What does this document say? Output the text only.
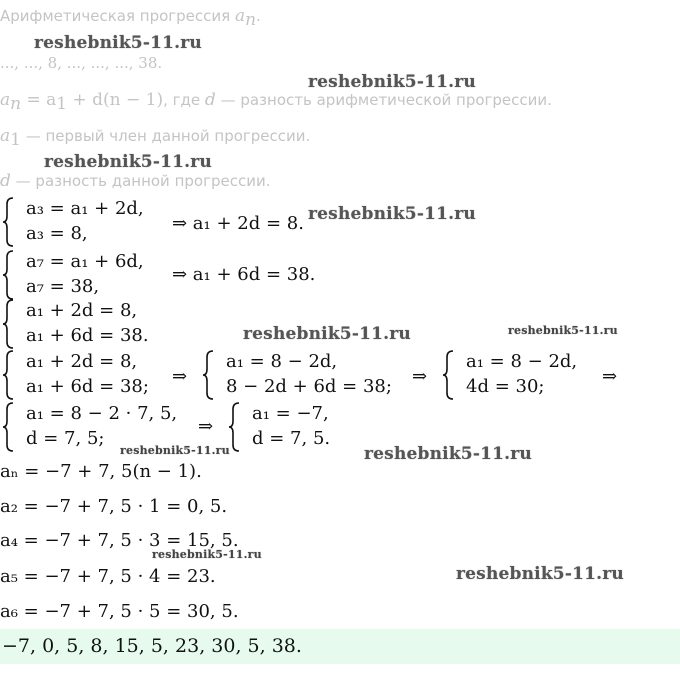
Арифметическая прогрессия $a_n$.
..., ..., 8, ..., ..., ..., 38.
$a_n = a_1 + d(n - 1)$, где d — разность арифметической прогрессии.
$a_1$ — первый член данной прогрессии.
d — разность данной прогрессии.
a₃ = a₁ + 2d,
a₃ = 8,	⇒ a₁ + 2d = 8.
a₇ = a₁ + 6d,
a₇ = 38,
⇒ a₁ + 6d = 38.
a₁ + 2d = 8,
a₁ + 6d = 38.
a₁ + 2d = 8,
a₁ + 6d = 38; ⇒
a₁ = 8 − 2d,
8 − 2d + 6d = 38; ⇒
a₁ = 8 − 2d,
4d = 30;	⇒
a₁ = 8 − 2 · 7, 5,
d = 7, 5;
⇒
a₁ = −7,
d = 7, 5.
aₙ = −7 + 7, 5(n − 1).
a₂ = −7 + 7, 5 · 1 = 0, 5.
a₄ = −7 + 7, 5 · 3 = 15, 5.
a₅ = −7 + 7, 5 · 4 = 23.
a₆ = −7 + 7, 5 · 5 = 30, 5.
−7, 0, 5, 8, 15, 5, 23, 30, 5, 38.
reshebnik5-11.ru
reshebnik5-11.ru
reshebnik5-11.ru
reshebnik5-11.ru
reshebnik5-11.ru	reshebnik5-11.ru
reshebnik5-11.ru	reshebnik5-11.ru
reshebnik5-11.ru
reshebnik5-11.ru
